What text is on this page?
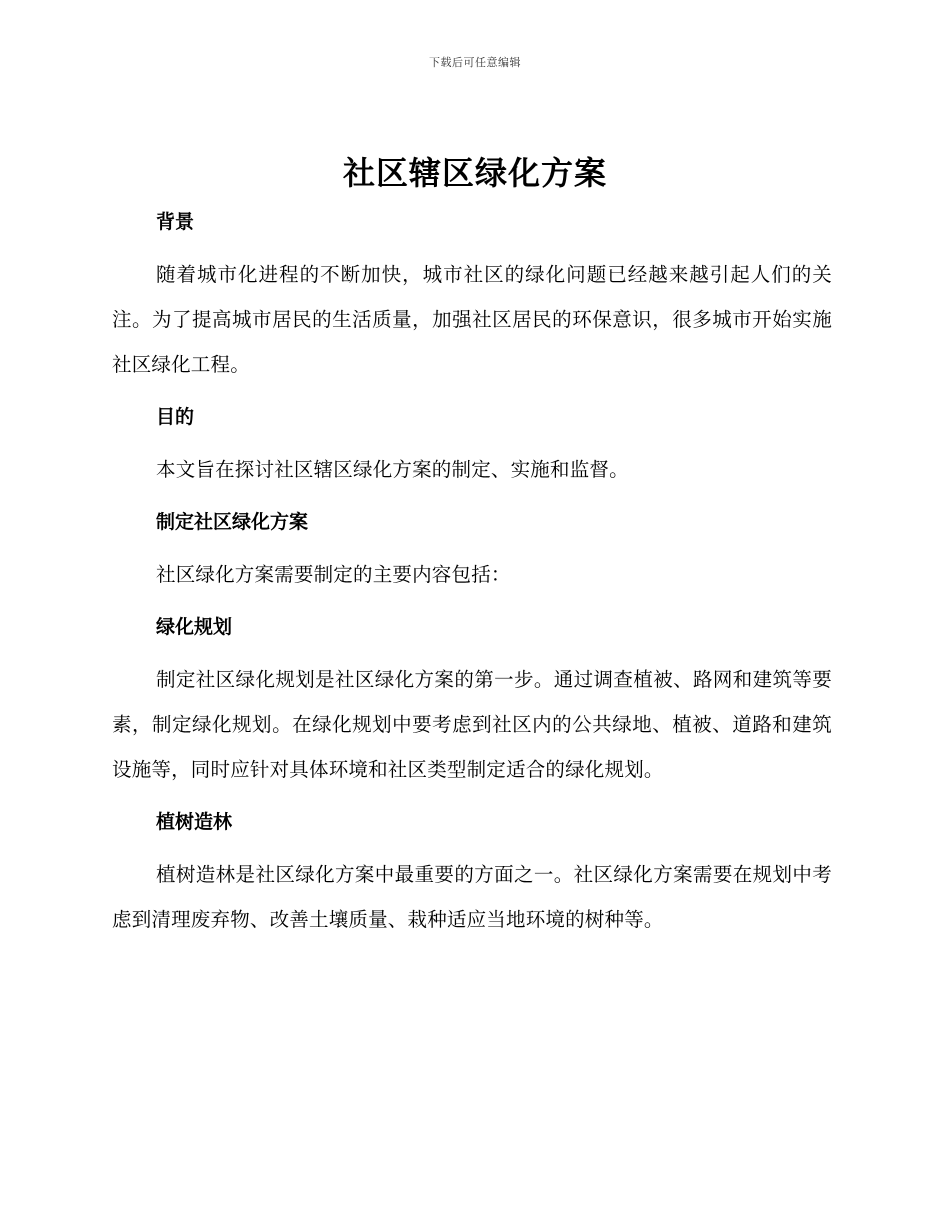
下载后可任意编辑
社区辖区绿化方案
背景

随着城市化进程的不断加快，城市社区的绿化问题已经越来越引起人们的关注。为了提高城市居民的生活质量，加强社区居民的环保意识，很多城市开始实施社区绿化工程。

目的

本文旨在探讨社区辖区绿化方案的制定、实施和监督。

制定社区绿化方案

社区绿化方案需要制定的主要内容包括：

绿化规划

制定社区绿化规划是社区绿化方案的第一步。通过调查植被、路网和建筑等要素，制定绿化规划。在绿化规划中要考虑到社区内的公共绿地、植被、道路和建筑设施等，同时应针对具体环境和社区类型制定适合的绿化规划。

植树造林

植树造林是社区绿化方案中最重要的方面之一。社区绿化方案需要在规划中考虑到清理废弃物、改善土壤质量、栽种适应当地环境的树种等。
